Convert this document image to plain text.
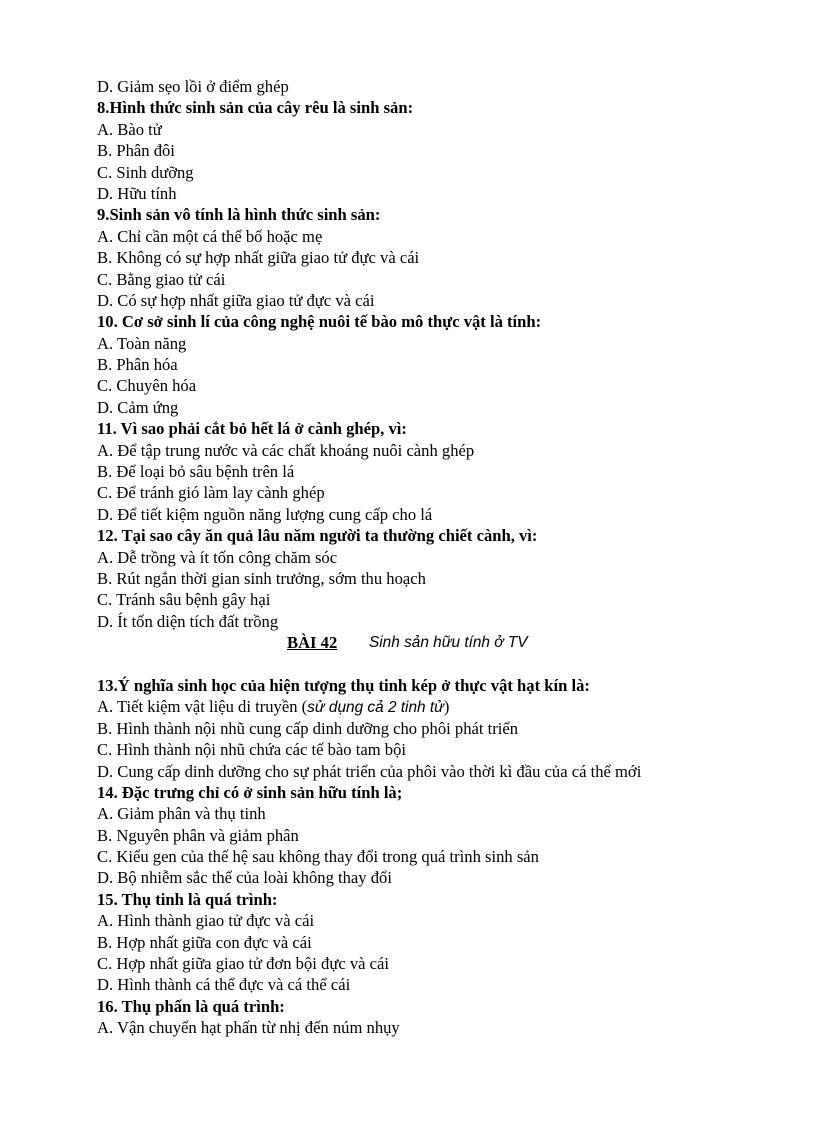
D. Giảm sẹo lồi ở điểm ghép
8.Hình thức sinh sản của cây rêu là sinh sản:
A. Bào tử
B. Phân đôi
C. Sinh dưỡng
D. Hữu tính
9.Sinh sản vô tính là hình thức sinh sản:
A. Chỉ cần một cá thể bố hoặc mẹ
B. Không có sự hợp nhất giữa giao tử đực và cái
C. Bằng giao tử cái
D. Có sự hợp nhất giữa giao tử đực và cái
10. Cơ sở sinh lí của công nghệ nuôi tế bào mô thực vật là tính:
A. Toàn năng
B. Phân hóa
C. Chuyên hóa
D. Cảm ứng
11. Vì sao phải cắt bỏ hết lá ở cành ghép, vì:
A. Để tập trung nước và các chất khoáng nuôi cành ghép
B. Để loại bỏ sâu bệnh trên lá
C. Để tránh gió làm lay cành ghép
D. Để tiết kiệm nguồn năng lượng cung cấp cho lá
12. Tại sao cây ăn quả lâu năm người ta thường chiết cành, vì:
A. Dễ trồng và ít tốn công chăm sóc
B. Rút ngắn thời gian sinh trưởng, sớm thu hoạch
C. Tránh sâu bệnh gây hại
D. Ít tốn diện tích đất trồng
BÀI 42 Sinh sản hữu tính ở TV
13.Ý nghĩa sinh học của hiện tượng thụ tinh kép ở thực vật hạt kín là:
A. Tiết kiệm vật liệu di truyền (sử dụng cả 2 tinh tử)
B. Hình thành nội nhũ cung cấp dinh dưỡng cho phôi phát triển
C. Hình thành nội nhũ chứa các tế bào tam bội
D. Cung cấp dinh dưỡng cho sự phát triển của phôi vào thời kì đầu của cá thể mới
14. Đặc trưng chỉ có ở sinh sản hữu tính là;
A. Giảm phân và thụ tinh
B. Nguyên phân và giảm phân
C. Kiểu gen của thế hệ sau không thay đổi trong quá trình sinh sản
D. Bộ nhiễm sắc thể của loài không thay đổi
15. Thụ tinh là quá trình:
A. Hình thành giao tử đực và cái
B. Hợp nhất giữa con đực và cái
C. Hợp nhất giữa giao tử đơn bội đực và cái
D. Hình thành cá thể đực và cá thể cái
16. Thụ phấn là quá trình:
A. Vận chuyển hạt phấn từ nhị đến núm nhụy
